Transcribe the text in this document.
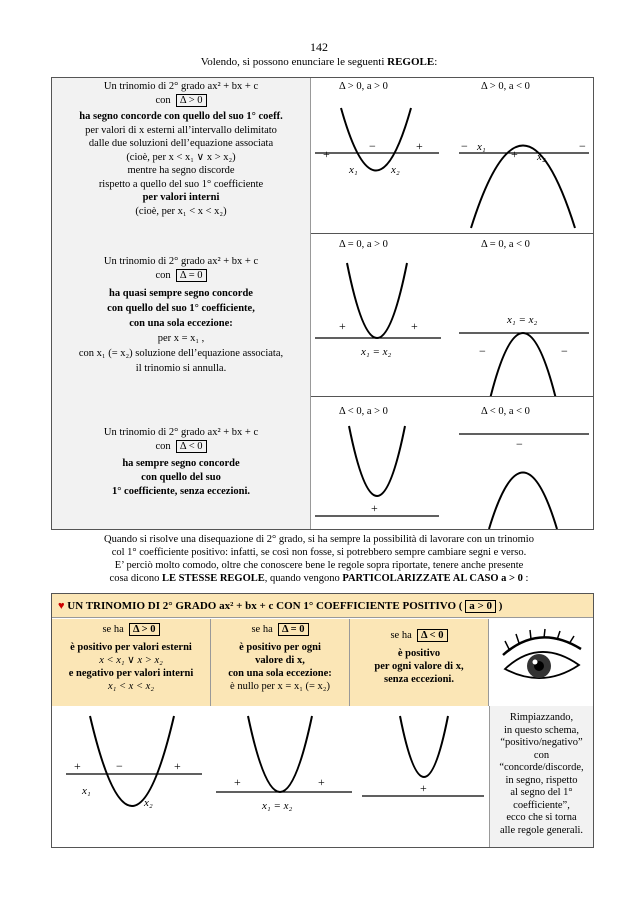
142
Volendo, si possono enunciare le seguenti REGOLE:
Un trinomio di 2° grado ax² + bx + c
con Δ > 0
ha segno concorde con quello del suo 1° coeff.
per valori di x esterni all’intervallo delimitato
dalle due soluzioni dell’equazione associata
(cioè, per x < x₁ ∨ x > x₂)
mentre ha segno discorde
rispetto a quello del suo 1° coefficiente
per valori interni
(cioè, per x₁ < x < x₂)
Δ > 0, a > 0	Δ > 0, a < 0
+
−	+
x₁	x₂
−
+
−
x₁
x₂
Un trinomio di 2° grado ax² + bx + c
con Δ = 0
ha quasi sempre segno concorde
con quello del suo 1° coefficiente,
con una sola eccezione:
per x = x₁ ,
con x₁ (= x₂) soluzione dell’equazione associata,
il trinomio si annulla.
Δ = 0, a > 0	Δ = 0, a < 0
+	+
x₁ = x₂	−	−
x₁ = x₂
Un trinomio di 2° grado ax² + bx + c
con Δ < 0
ha sempre segno concorde
con quello del suo
1° coefficiente, senza eccezioni.
Δ < 0, a > 0	Δ < 0, a < 0
+
−
Quando si risolve una disequazione di 2° grado, si ha sempre la possibilità di lavorare con un trinomio
col 1° coefficiente positivo: infatti, se così non fosse, si potrebbero sempre cambiare segni e verso.
E’ perciò molto comodo, oltre che conoscere bene le regole sopra riportate, tenere anche presente
cosa dicono LE STESSE REGOLE, quando vengono PARTICOLARIZZATE AL CASO a > 0 :
♥ UN TRINOMIO DI 2° GRADO ax² + bx + c CON 1° COEFFICIENTE POSITIVO ( a > 0 )
se ha Δ > 0
è positivo per valori esterni
x < x₁ ∨ x > x₂
e negativo per valori interni
x₁ < x < x₂
se ha Δ = 0
è positivo per ogni
valore di x,
con una sola eccezione:
è nullo per x = x₁ (= x₂)
se ha Δ < 0
è positivo
per ogni valore di x,
senza eccezioni.
+	−	+
x₁
x₂
+	+
x₁ = x₂
+
Rimpiazzando,
in questo schema,
“positivo/negativo”
con
“concorde/discorde,
in segno, rispetto
al segno del 1°
coefficiente”,
ecco che si torna
alle regole generali.
